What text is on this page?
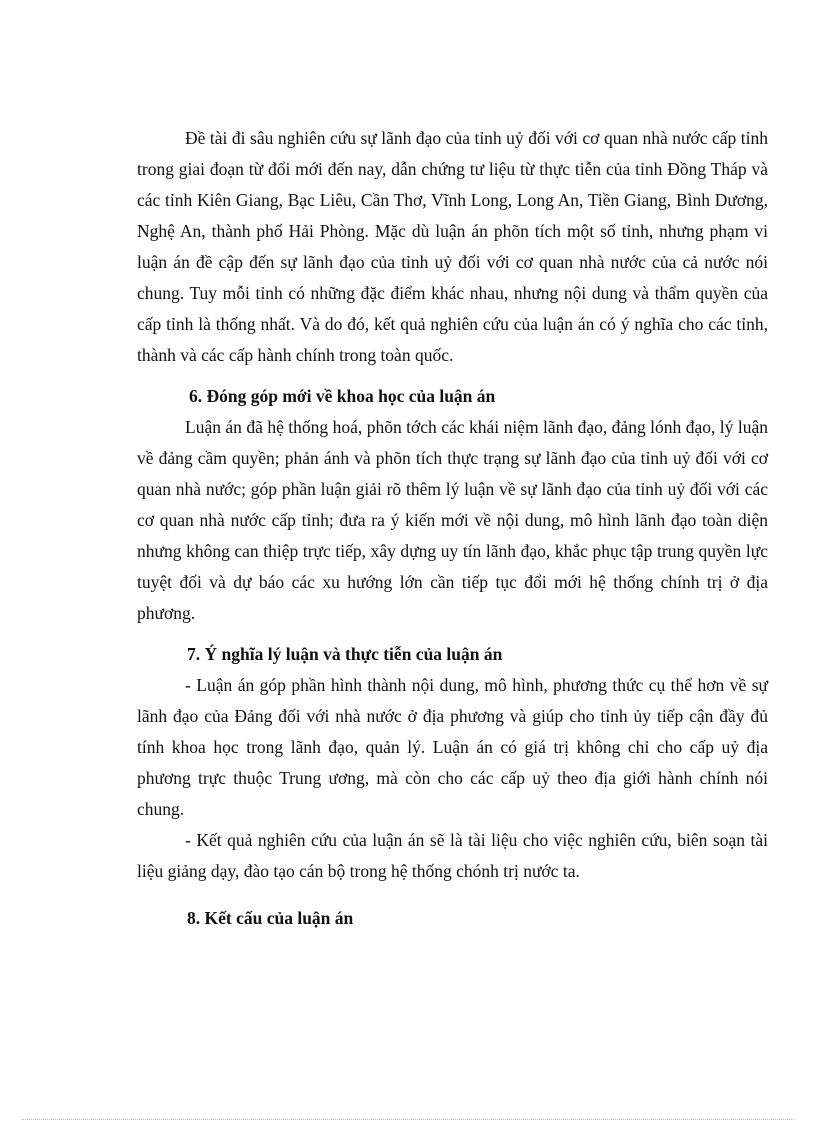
Đề tài đi sâu nghiên cứu sự lãnh đạo của tỉnh uỷ đối với cơ quan nhà nước cấp tỉnh trong giai đoạn từ đổi mới đến nay, dẫn chứng tư liệu từ thực tiễn của tỉnh Đồng Tháp và các tỉnh Kiên Giang, Bạc Liêu, Cần Thơ, Vĩnh Long, Long An, Tiền Giang, Bình Dương, Nghệ An, thành phố Hải Phòng. Mặc dù luận án phõn tích một số tỉnh, nhưng phạm vi luận án đề cập đến sự lãnh đạo của tỉnh uỷ đối với cơ quan nhà nước của cả nước nói chung. Tuy mỗi tỉnh có những đặc điểm khác nhau, nhưng nội dung và thẩm quyền của cấp tỉnh là thống nhất. Và do đó, kết quả nghiên cứu của luận án có ý nghĩa cho các tỉnh, thành và các cấp hành chính trong toàn quốc.

6. Đóng góp mới về khoa học của luận án

Luận án đã hệ thống hoá, phõn tớch các khái niệm lãnh đạo, đảng lónh đạo, lý luận về đảng cầm quyền; phản ánh và phõn tích thực trạng sự lãnh đạo của tỉnh uỷ đối với cơ quan nhà nước; góp phần luận giải rõ thêm lý luận về sự lãnh đạo của tỉnh uỷ đối với các cơ quan nhà nước cấp tỉnh; đưa ra ý kiến mới về nội dung, mô hình lãnh đạo toàn diện nhưng không can thiệp trực tiếp, xây dựng uy tín lãnh đạo, khắc phục tập trung quyền lực tuyệt đối và dự báo các xu hướng lớn cần tiếp tục đổi mới hệ thống chính trị ở địa phương.

7. Ý nghĩa lý luận và thực tiễn của luận án

- Luận án góp phần hình thành nội dung, mô hình, phương thức cụ thể hơn về sự lãnh đạo của Đảng đối với nhà nước ở địa phương và giúp cho tỉnh ủy tiếp cận đầy đủ tính khoa học trong lãnh đạo, quản lý. Luận án có giá trị không chỉ cho cấp uỷ địa phương trực thuộc Trung ương, mà còn cho các cấp uỷ theo địa giới hành chính nói chung.

- Kết quả nghiên cứu của luận án sẽ là tài liệu cho việc nghiên cứu, biên soạn tài liệu giảng dạy, đào tạo cán bộ trong hệ thống chónh trị nước ta.

8. Kết cấu của luận án
